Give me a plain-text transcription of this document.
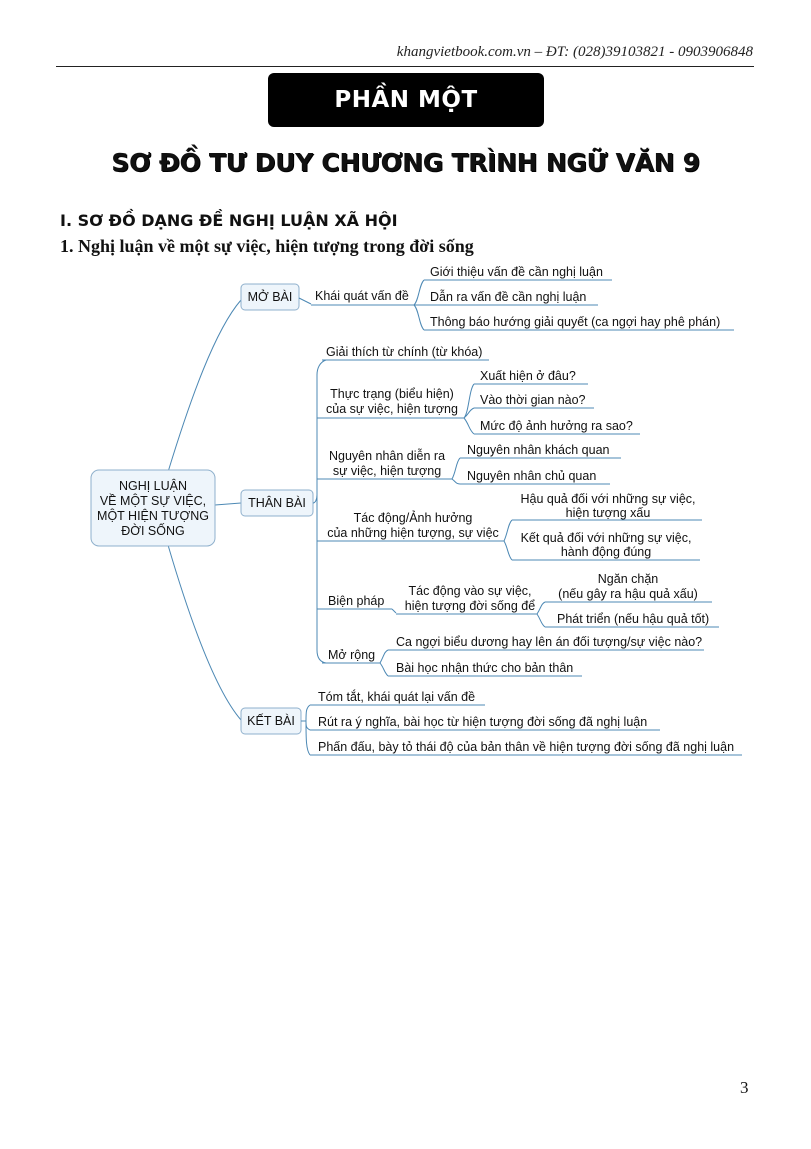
khangvietbook.com.vn – ĐT: (028)39103821 - 0903906848
PHẦN MỘT
SƠ ĐỒ TƯ DUY CHƯƠNG TRÌNH NGỮ VĂN 9
I. SƠ ĐỒ DẠNG ĐỀ NGHỊ LUẬN XÃ HỘI
1. Nghị luận về một sự việc, hiện tượng trong đời sống
NGHỊ LUẬN
VỀ MỘT SỰ VIỆC,
MỘT HIỆN TƯỢNG
ĐỜI SỐNG
MỞ BÀI Khái quát vấn đề
Giới thiệu vấn đề cần nghị luận
Dẫn ra vấn đề cần nghị luận
Thông báo hướng giải quyết (ca ngợi hay phê phán)
THÂN BÀI
Giải thích từ chính (từ khóa)
Thực trạng (biểu hiện)
của sự việc, hiện tượng
Xuất hiện ở đâu?
Vào thời gian nào?
Mức độ ảnh hưởng ra sao?
Nguyên nhân diễn ra
sự việc, hiện tượng
Nguyên nhân khách quan
Nguyên nhân chủ quan
Tác động/Ảnh hưởng
của những hiện tượng, sự việc
Hậu quả đối với những sự việc,
hiện tượng xấu
Kết quả đối với những sự việc,
hành động đúng
Biện pháp
Tác động vào sự việc,
hiện tượng đời sống để
Ngăn chặn
(nếu gây ra hậu quả xấu)
Phát triển (nếu hậu quả tốt)
Mở rộng
Ca ngợi biểu dương hay lên án đối tượng/sự việc nào?
Bài học nhận thức cho bản thân
KẾT BÀI
Tóm tắt, khái quát lại vấn đề
Rút ra ý nghĩa, bài học từ hiện tượng đời sống đã nghị luận
Phấn đấu, bày tỏ thái độ của bản thân về hiện tượng đời sống đã nghị luận
3
